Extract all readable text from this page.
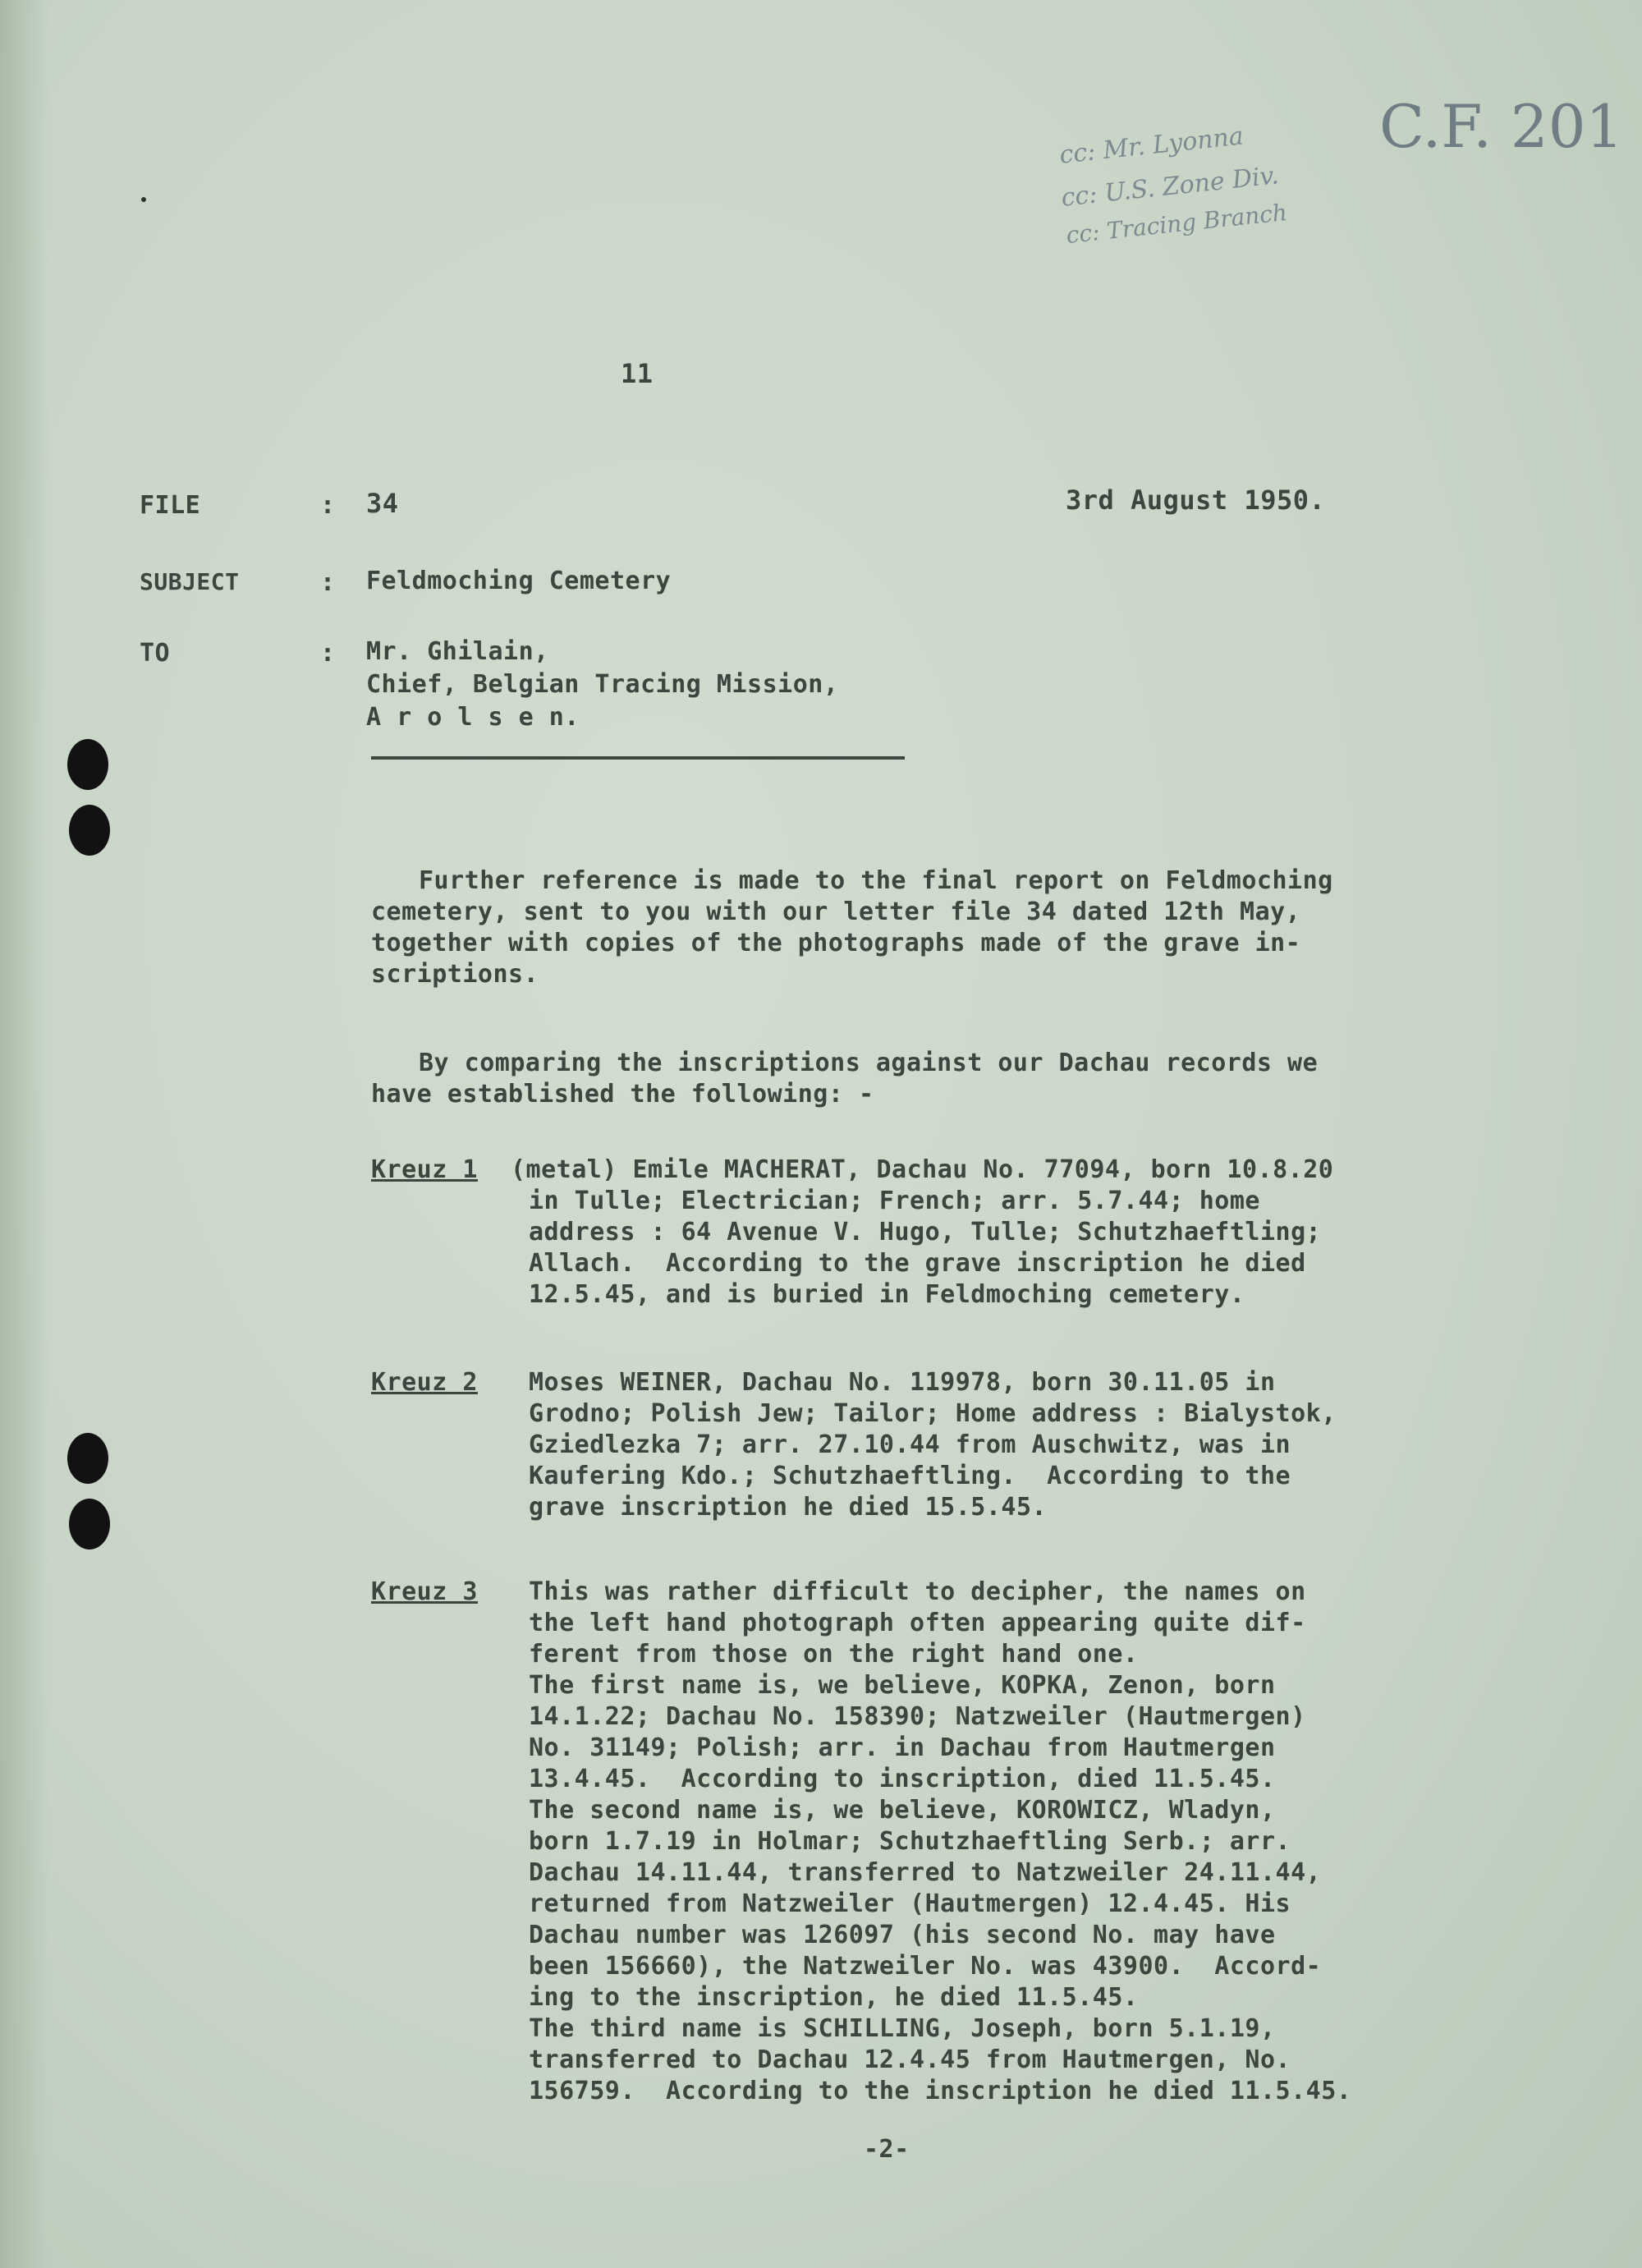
cc: Mr. Lyonna
cc: U.S. Zone Div.
cc: Tracing Branch
C.F. 201
11
3rd August 1950.
FILE	: 34
SUBJECT	: Feldmoching Cemetery
TO	: Mr. Ghilain,
Chief, Belgian Tracing Mission,
A r o l s e n.
Further reference is made to the final report on Feldmoching
cemetery, sent to you with our letter file 34 dated 12th May,
together with copies of the photographs made of the grave in-
scriptions.
By comparing the inscriptions against our Dachau records we
have established the following: -
Kreuz 1 (metal) Emile MACHERAT, Dachau No. 77094, born 10.8.20
in Tulle; Electrician; French; arr. 5.7.44; home
address : 64 Avenue V. Hugo, Tulle; Schutzhaeftling;
Allach.  According to the grave inscription he died
12.5.45, and is buried in Feldmoching cemetery.
Kreuz 2 Moses WEINER, Dachau No. 119978, born 30.11.05 in
Grodno; Polish Jew; Tailor; Home address : Bialystok,
Gziedlezka 7; arr. 27.10.44 from Auschwitz, was in
Kaufering Kdo.; Schutzhaeftling.  According to the
grave inscription he died 15.5.45.
Kreuz 3 This was rather difficult to decipher, the names on
the left hand photograph often appearing quite dif-
ferent from those on the right hand one.
The first name is, we believe, KOPKA, Zenon, born
14.1.22; Dachau No. 158390; Natzweiler (Hautmergen)
No. 31149; Polish; arr. in Dachau from Hautmergen
13.4.45.  According to inscription, died 11.5.45.
The second name is, we believe, KOROWICZ, Wladyn,
born 1.7.19 in Holmar; Schutzhaeftling Serb.; arr.
Dachau 14.11.44, transferred to Natzweiler 24.11.44,
returned from Natzweiler (Hautmergen) 12.4.45. His
Dachau number was 126097 (his second No. may have
been 156660), the Natzweiler No. was 43900.  Accord-
ing to the inscription, he died 11.5.45.
The third name is SCHILLING, Joseph, born 5.1.19,
transferred to Dachau 12.4.45 from Hautmergen, No.
156759.  According to the inscription he died 11.5.45.
-2-
